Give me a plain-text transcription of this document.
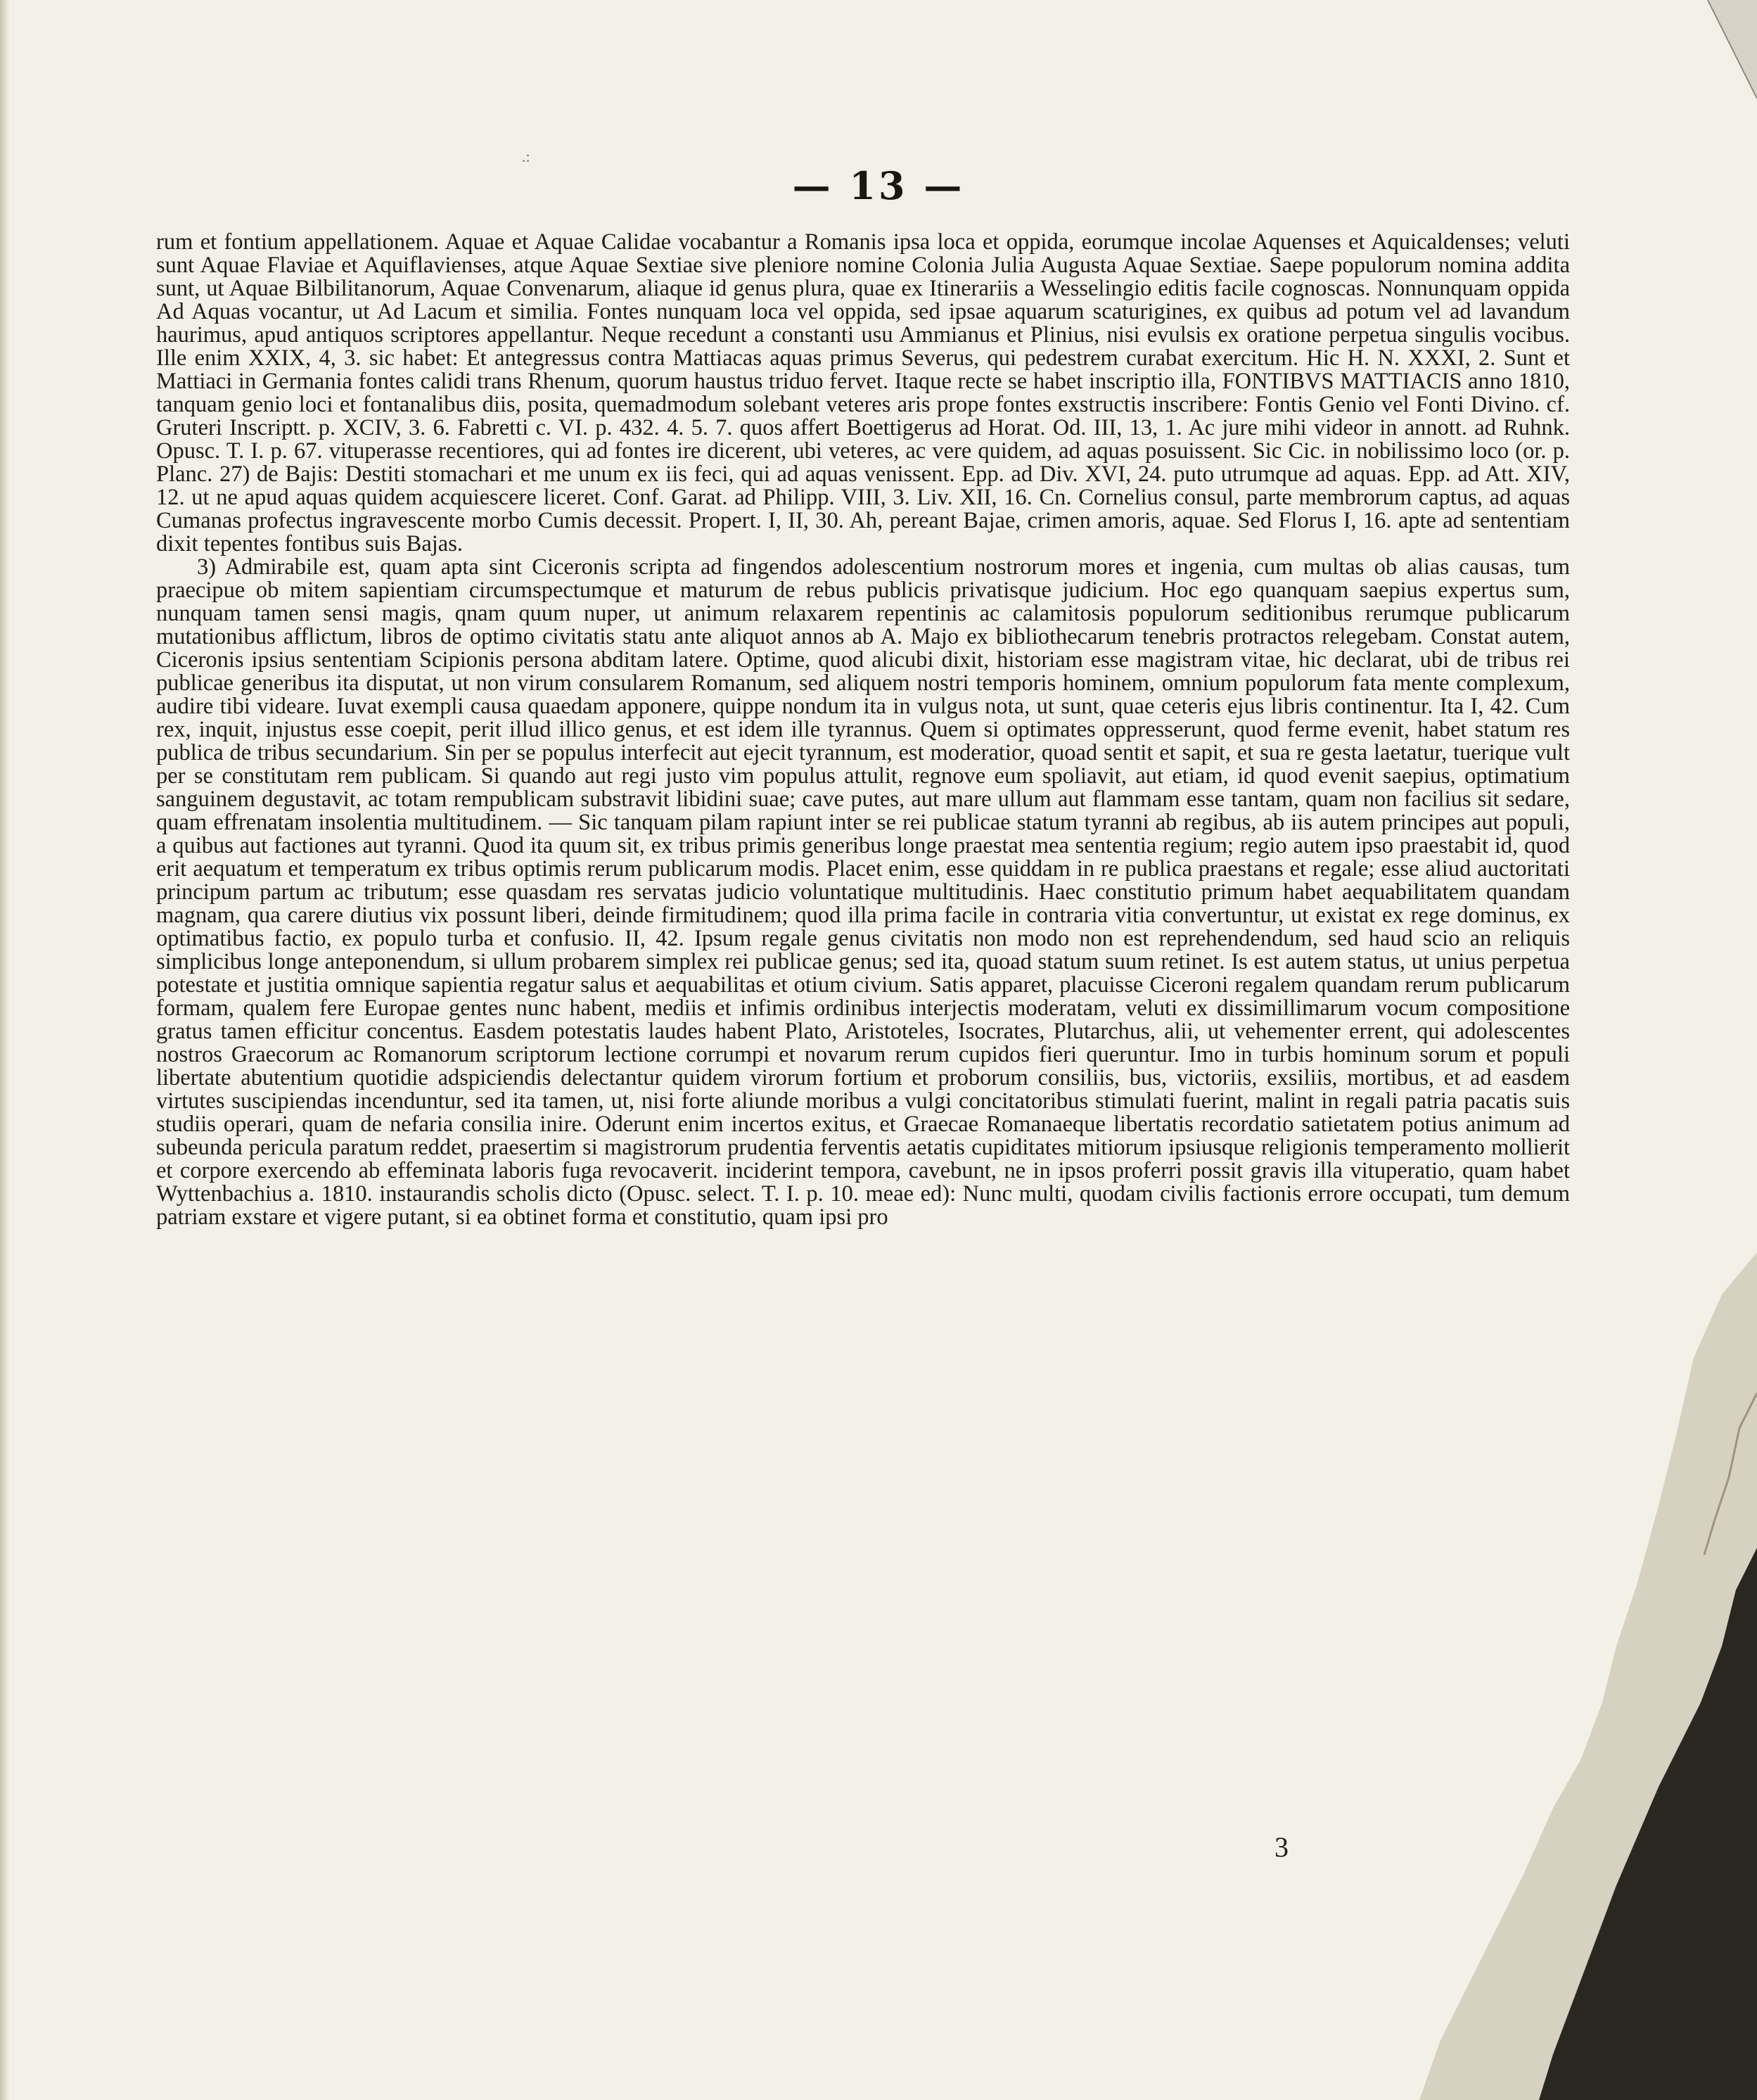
.:
— 13 —

rum et fontium appellationem. Aquae et Aquae Calidae vocabantur a Romanis ipsa loca et oppida, eorumque incolae Aquenses et Aquicaldenses; veluti sunt Aquae Flaviae et Aquiflavienses, atque Aquae Sextiae sive pleniore nomine Colonia Julia Augusta Aquae Sextiae. Saepe populorum nomina addita sunt, ut Aquae Bilbilitanorum, Aquae Convenarum, aliaque id genus plura, quae ex Itinerariis a Wesselingio editis facile cognoscas. Nonnunquam oppida Ad Aquas vocantur, ut Ad Lacum et similia. Fontes nunquam loca vel oppida, sed ipsae aquarum scaturigines, ex quibus ad potum vel ad lavandum haurimus, apud antiquos scriptores appellantur. Neque recedunt a constanti usu Ammianus et Plinius, nisi evulsis ex oratione perpetua singulis vocibus. Ille enim XXIX, 4, 3. sic habet: Et antegressus contra Mattiacas aquas primus Severus, qui pedestrem curabat exercitum. Hic H. N. XXXI, 2. Sunt et Mattiaci in Germania fontes calidi trans Rhenum, quorum haustus triduo fervet. Itaque recte se habet inscriptio illa, FONTIBVS MATTIACIS anno 1810, tanquam genio loci et fontanalibus diis, posita, quemadmodum solebant veteres aris prope fontes exstructis inscribere: Fontis Genio vel Fonti Divino. cf. Gruteri Inscriptt. p. XCIV, 3. 6. Fabretti c. VI. p. 432. 4. 5. 7. quos affert Boettigerus ad Horat. Od. III, 13, 1. Ac jure mihi videor in annott. ad Ruhnk. Opusc. T. I. p. 67. vituperasse recentiores, qui ad fontes ire dicerent, ubi veteres, ac vere quidem, ad aquas posuissent. Sic Cic. in nobilissimo loco (or. p. Planc. 27) de Bajis: Destiti stomachari et me unum ex iis feci, qui ad aquas venissent. Epp. ad Div. XVI, 24. puto utrumque ad aquas. Epp. ad Att. XIV, 12. ut ne apud aquas quidem acquiescere liceret. Conf. Garat. ad Philipp. VIII, 3. Liv. XII, 16. Cn. Cornelius consul, parte membrorum captus, ad aquas Cumanas profectus ingravescente morbo Cumis decessit. Propert. I, II, 30. Ah, pereant Bajae, crimen amoris, aquae. Sed Florus I, 16. apte ad sententiam dixit tepentes fontibus suis Bajas.

3) Admirabile est, quam apta sint Ciceronis scripta ad fingendos adolescentium nostrorum mores et ingenia, cum multas ob alias causas, tum praecipue ob mitem sapientiam circumspectumque et maturum de rebus publicis privatisque judicium. Hoc ego quanquam saepius expertus sum, nunquam tamen sensi magis, qnam quum nuper, ut animum relaxarem repentinis ac calamitosis populorum seditionibus rerumque publicarum mutationibus afflictum, libros de optimo civitatis statu ante aliquot annos ab A. Majo ex bibliothecarum tenebris protractos relegebam. Constat autem, Ciceronis ipsius sententiam Scipionis persona abditam latere. Optime, quod alicubi dixit, historiam esse magistram vitae, hic declarat, ubi de tribus rei publicae generibus ita disputat, ut non virum consularem Romanum, sed aliquem nostri temporis hominem, omnium populorum fata mente complexum, audire tibi videare. Iuvat exempli causa quaedam apponere, quippe nondum ita in vulgus nota, ut sunt, quae ceteris ejus libris continentur. Ita I, 42. Cum rex, inquit, injustus esse coepit, perit illud illico genus, et est idem ille tyrannus. Quem si optimates oppresserunt, quod ferme evenit, habet statum res publica de tribus secundarium. Sin per se populus interfecit aut ejecit tyrannum, est moderatior, quoad sentit et sapit, et sua re gesta laetatur, tuerique vult per se constitutam rem publicam. Si quando aut regi justo vim populus attulit, regnove eum spoliavit, aut etiam, id quod evenit saepius, optimatium sanguinem degustavit, ac totam rempublicam substravit libidini suae; cave putes, aut mare ullum aut flammam esse tantam, quam non facilius sit sedare, quam effrenatam insolentia multitudinem. — Sic tanquam pilam rapiunt inter se rei publicae statum tyranni ab regibus, ab iis autem principes aut populi, a quibus aut factiones aut tyranni. Quod ita quum sit, ex tribus primis generibus longe praestat mea sententia regium; regio autem ipso praestabit id, quod erit aequatum et temperatum ex tribus optimis rerum publicarum modis. Placet enim, esse quiddam in re publica praestans et regale; esse aliud auctoritati principum partum ac tributum; esse quasdam res servatas judicio voluntatique multitudinis. Haec constitutio primum habet aequabilitatem quandam magnam, qua carere diutius vix possunt liberi, deinde firmitudinem; quod illa prima facile in contraria vitia convertuntur, ut existat ex rege dominus, ex optimatibus factio, ex populo turba et confusio. II, 42. Ipsum regale genus civitatis non modo non est reprehendendum, sed haud scio an reliquis simplicibus longe anteponendum, si ullum probarem simplex rei publicae genus; sed ita, quoad statum suum retinet. Is est autem status, ut unius perpetua potestate et justitia omnique sapientia regatur salus et aequabilitas et otium civium. Satis apparet, placuisse Ciceroni regalem quandam rerum publicarum formam, qualem fere Europae gentes nunc habent, mediis et infimis ordinibus interjectis moderatam, veluti ex dissimillimarum vocum compositione gratus tamen efficitur concentus. Easdem potestatis laudes habent Plato, Aristoteles, Isocrates, Plutarchus, alii, ut vehementer errent, qui adolescentes nostros Graecorum ac Romanorum scriptorum lectione corrumpi et novarum rerum cupidos fieri queruntur. Imo in turbis hominum sorum et populi libertate abutentium quotidie adspiciendis delectantur quidem virorum fortium et proborum consiliis, bus, victoriis, exsiliis, mortibus, et ad easdem virtutes suscipiendas incenduntur, sed ita tamen, ut, nisi forte aliunde moribus a vulgi concitatoribus stimulati fuerint, malint in regali patria pacatis suis studiis operari, quam de nefaria consilia inire. Oderunt enim incertos exitus, et Graecae Romanaeque libertatis recordatio satietatem potius animum ad subeunda pericula paratum reddet, praesertim si magistrorum prudentia ferventis aetatis cupiditates mitiorum ipsiusque religionis temperamento mollierit et corpore exercendo ab effeminata laboris fuga revocaverit. inciderint tempora, cavebunt, ne in ipsos proferri possit gravis illa vituperatio, quam habet Wyttenbachius a. 1810. instaurandis scholis dicto (Opusc. select. T. I. p. 10. meae ed): Nunc multi, quodam civilis factionis errore occupati, tum demum patriam exstare et vigere putant, si ea obtinet forma et constitutio, quam ipsi pro

3
